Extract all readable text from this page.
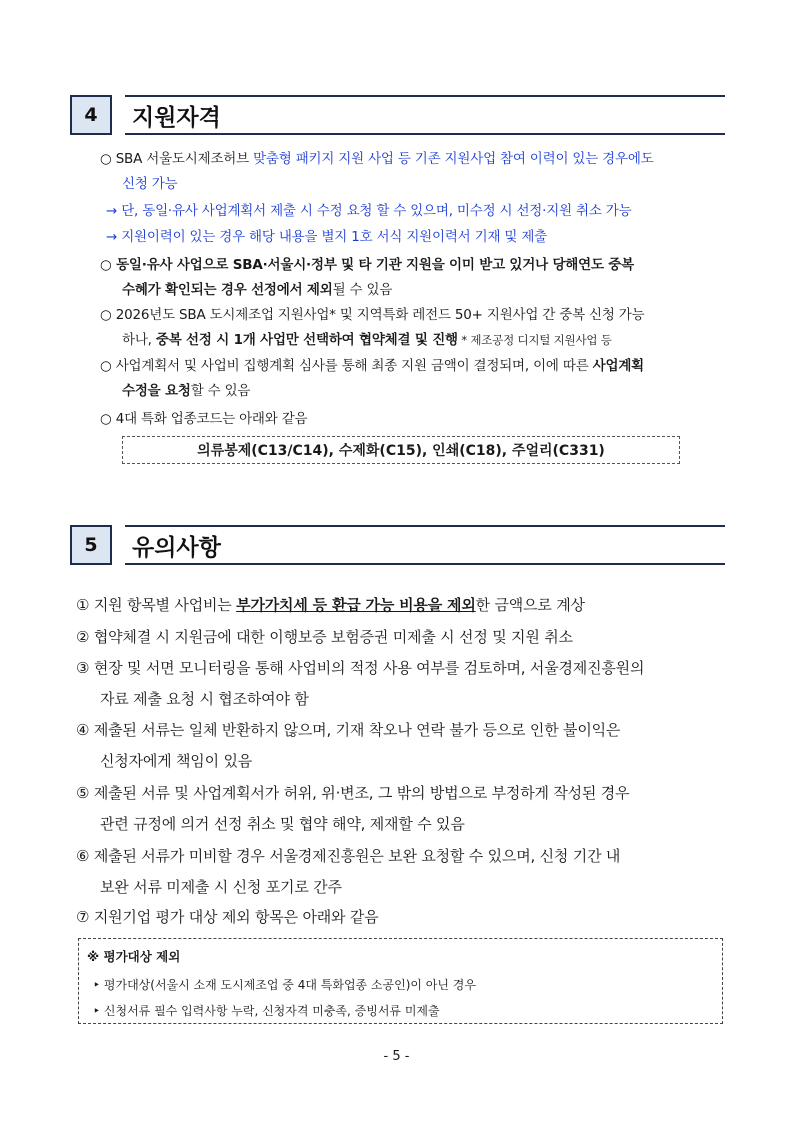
4	지원자격
○ SBA 서울도시제조허브 맞춤형 패키지 지원 사업 등 기존 지원사업 참여 이력이 있는 경우에도
신청 가능
→ 단, 동일·유사 사업계획서 제출 시 수정 요청 할 수 있으며, 미수정 시 선정·지원 취소 가능
→ 지원이력이 있는 경우 해당 내용을 별지 1호 서식 지원이력서 기재 및 제출
○ 동일·유사 사업으로 SBA·서울시·정부 및 타 기관 지원을 이미 받고 있거나 당해연도 중복
수혜가 확인되는 경우 선정에서 제외될 수 있음
○ 2026년도 SBA 도시제조업 지원사업* 및 지역특화 레전드 50+ 지원사업 간 중복 신청 가능
하나, 중복 선정 시 1개 사업만 선택하여 협약체결 및 진행 * 제조공정 디지털 지원사업 등
○ 사업계획서 및 사업비 집행계획 심사를 통해 최종 지원 금액이 결정되며, 이에 따른 사업계획
수정을 요청할 수 있음
○ 4대 특화 업종코드는 아래와 같음
의류봉제(C13/C14), 수제화(C15), 인쇄(C18), 주얼리(C331)
5	유의사항
① 지원 항목별 사업비는 부가가치세 등 환급 가능 비용을 제외한 금액으로 계상
② 협약체결 시 지원금에 대한 이행보증 보험증권 미제출 시 선정 및 지원 취소
③ 현장 및 서면 모니터링을 통해 사업비의 적정 사용 여부를 검토하며, 서울경제진흥원의
자료 제출 요청 시 협조하여야 함
④ 제출된 서류는 일체 반환하지 않으며, 기재 착오나 연락 불가 등으로 인한 불이익은
신청자에게 책임이 있음
⑤ 제출된 서류 및 사업계획서가 허위, 위·변조, 그 밖의 방법으로 부정하게 작성된 경우
관련 규정에 의거 선정 취소 및 협약 해약, 제재할 수 있음
⑥ 제출된 서류가 미비할 경우 서울경제진흥원은 보완 요청할 수 있으며, 신청 기간 내
보완 서류 미제출 시 신청 포기로 간주
⑦ 지원기업 평가 대상 제외 항목은 아래와 같음
※ 평가대상 제외
‣ 평가대상(서울시 소재 도시제조업 중 4대 특화업종 소공인)이 아닌 경우
‣ 신청서류 필수 입력사항 누락, 신청자격 미충족, 증빙서류 미제출
- 5 -
